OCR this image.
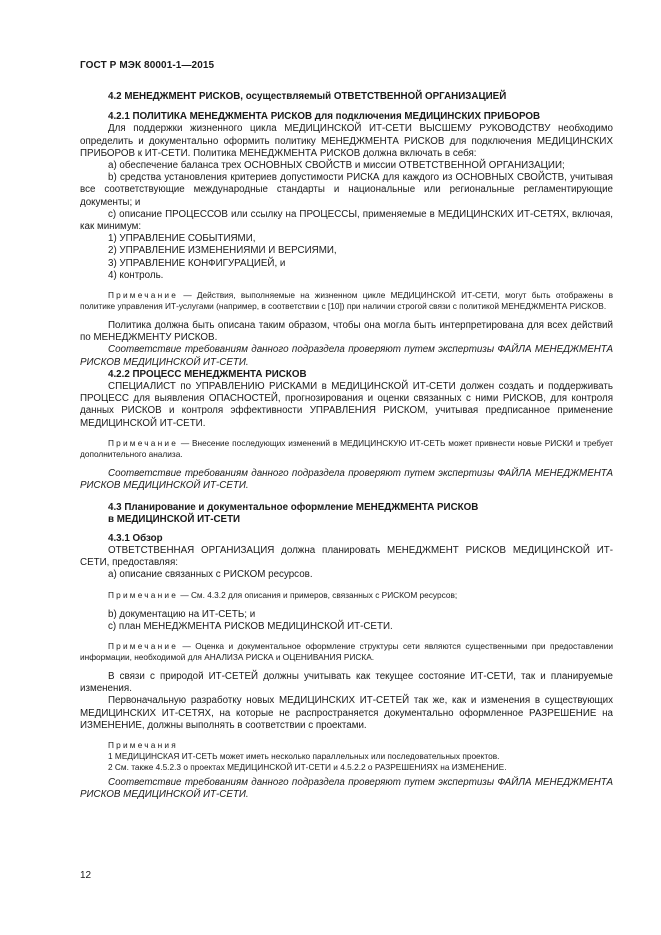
ГОСТ Р МЭК 80001-1—2015

4.2 МЕНЕДЖМЕНТ РИСКОВ, осуществляемый ОТВЕТСТВЕННОЙ ОРГАНИЗАЦИЕЙ

4.2.1 ПОЛИТИКА МЕНЕДЖМЕНТА РИСКОВ для подключения МЕДИЦИНСКИХ ПРИБОРОВ

Для поддержки жизненного цикла МЕДИЦИНСКОЙ ИТ-СЕТИ ВЫСШЕМУ РУКОВОДСТВУ необходимо определить и документально оформить политику МЕНЕДЖМЕНТА РИСКОВ для подключения МЕДИЦИНСКИХ ПРИБОРОВ к ИТ-СЕТИ. Политика МЕНЕДЖМЕНТА РИСКОВ должна включать в себя:

а) обеспечение баланса трех ОСНОВНЫХ СВОЙСТВ и миссии ОТВЕТСТВЕННОЙ ОРГАНИЗАЦИИ;

b) средства установления критериев допустимости РИСКА для каждого из ОСНОВНЫХ СВОЙСТВ, учитывая все соответствующие международные стандарты и национальные или региональные регламентирующие документы; и

с) описание ПРОЦЕССОВ или ссылку на ПРОЦЕССЫ, применяемые в МЕДИЦИНСКИХ ИТ-СЕТЯХ, включая, как минимум:

1) УПРАВЛЕНИЕ СОБЫТИЯМИ,

2) УПРАВЛЕНИЕ ИЗМЕНЕНИЯМИ И ВЕРСИЯМИ,

3) УПРАВЛЕНИЕ КОНФИГУРАЦИЕЙ, и

4) контроль.

Примечание — Действия, выполняемые на жизненном цикле МЕДИЦИНСКОЙ ИТ-СЕТИ, могут быть отображены в политике управления ИТ-услугами (например, в соответствии с [10]) при наличии строгой связи с политикой МЕНЕДЖМЕНТА РИСКОВ.

Политика должна быть описана таким образом, чтобы она могла быть интерпретирована для всех действий по МЕНЕДЖМЕНТУ РИСКОВ.

Соответствие требованиям данного подраздела проверяют путем экспертизы ФАЙЛА МЕНЕДЖМЕНТА РИСКОВ МЕДИЦИНСКОЙ ИТ-СЕТИ.

4.2.2 ПРОЦЕСС МЕНЕДЖМЕНТА РИСКОВ

СПЕЦИАЛИСТ по УПРАВЛЕНИЮ РИСКАМИ в МЕДИЦИНСКОЙ ИТ-СЕТИ должен создать и поддерживать ПРОЦЕСС для выявления ОПАСНОСТЕЙ, прогнозирования и оценки связанных с ними РИСКОВ, для контроля данных РИСКОВ и контроля эффективности УПРАВЛЕНИЯ РИСКОМ, учитывая предписанное применение МЕДИЦИНСКОЙ ИТ-СЕТИ.

Примечание — Внесение последующих изменений в МЕДИЦИНСКУЮ ИТ-СЕТЬ может привнести новые РИСКИ и требует дополнительного анализа.

Соответствие требованиям данного подраздела проверяют путем экспертизы ФАЙЛА МЕНЕДЖМЕНТА РИСКОВ МЕДИЦИНСКОЙ ИТ-СЕТИ.

4.3 Планирование и документальное оформление МЕНЕДЖМЕНТА РИСКОВ

в МЕДИЦИНСКОЙ ИТ-СЕТИ

4.3.1 Обзор

ОТВЕТСТВЕННАЯ ОРГАНИЗАЦИЯ должна планировать МЕНЕДЖМЕНТ РИСКОВ МЕДИЦИНСКОЙ ИТ-СЕТИ, предоставляя:

а) описание связанных с РИСКОМ ресурсов.

Примечание — См. 4.3.2 для описания и примеров, связанных с РИСКОМ ресурсов;

b) документацию на ИТ-СЕТЬ; и

с) план МЕНЕДЖМЕНТА РИСКОВ МЕДИЦИНСКОЙ ИТ-СЕТИ.

Примечание — Оценка и документальное оформление структуры сети являются существенными при предоставлении информации, необходимой для АНАЛИЗА РИСКА и ОЦЕНИВАНИЯ РИСКА.

В связи с природой ИТ-СЕТЕЙ должны учитывать как текущее состояние ИТ-СЕТИ, так и планируемые изменения.

Первоначальную разработку новых МЕДИЦИНСКИХ ИТ-СЕТЕЙ так же, как и изменения в существующих МЕДИЦИНСКИХ ИТ-СЕТЯХ, на которые не распространяется документально оформленное РАЗРЕШЕНИЕ на ИЗМЕНЕНИЕ, должны выполнять в соответствии с проектами.

Примечания

1 МЕДИЦИНСКАЯ ИТ-СЕТЬ может иметь несколько параллельных или последовательных проектов.

2 См. также 4.5.2.3 о проектах МЕДИЦИНСКОЙ ИТ-СЕТИ и 4.5.2.2 о РАЗРЕШЕНИЯХ на ИЗМЕНЕНИЕ.

Соответствие требованиям данного подраздела проверяют путем экспертизы ФАЙЛА МЕНЕДЖМЕНТА РИСКОВ МЕДИЦИНСКОЙ ИТ-СЕТИ.

12
